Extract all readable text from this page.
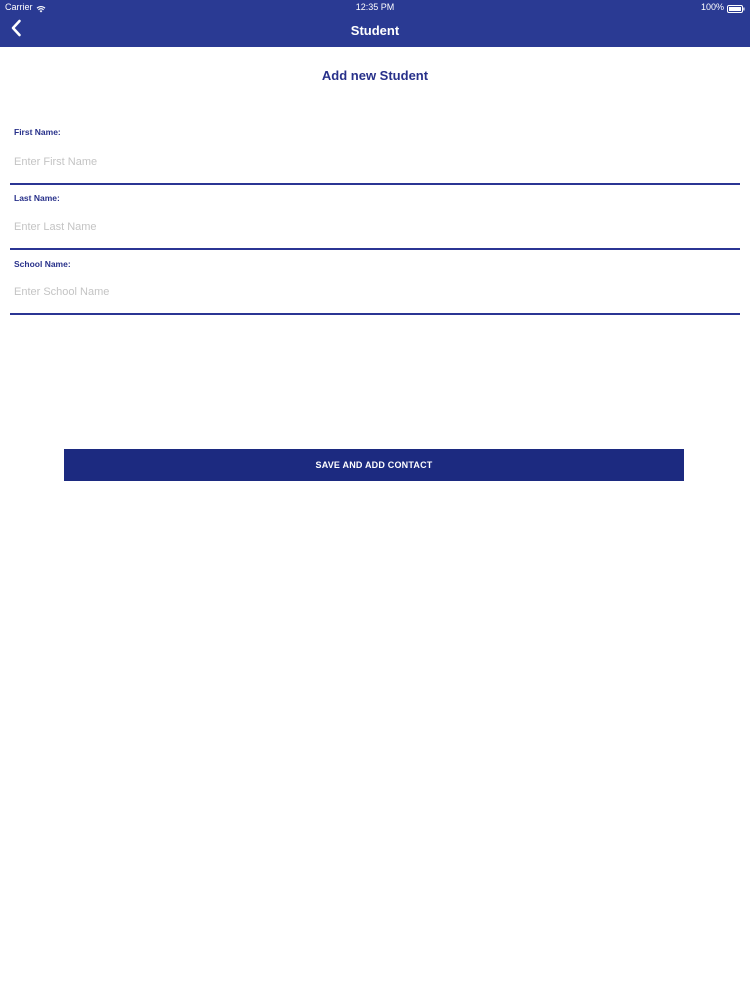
Carrier	12:35 PM	100%
Student
Add new Student
First Name:
Enter First Name
Last Name:
Enter Last Name
School Name:
Enter School Name
SAVE AND ADD CONTACT
